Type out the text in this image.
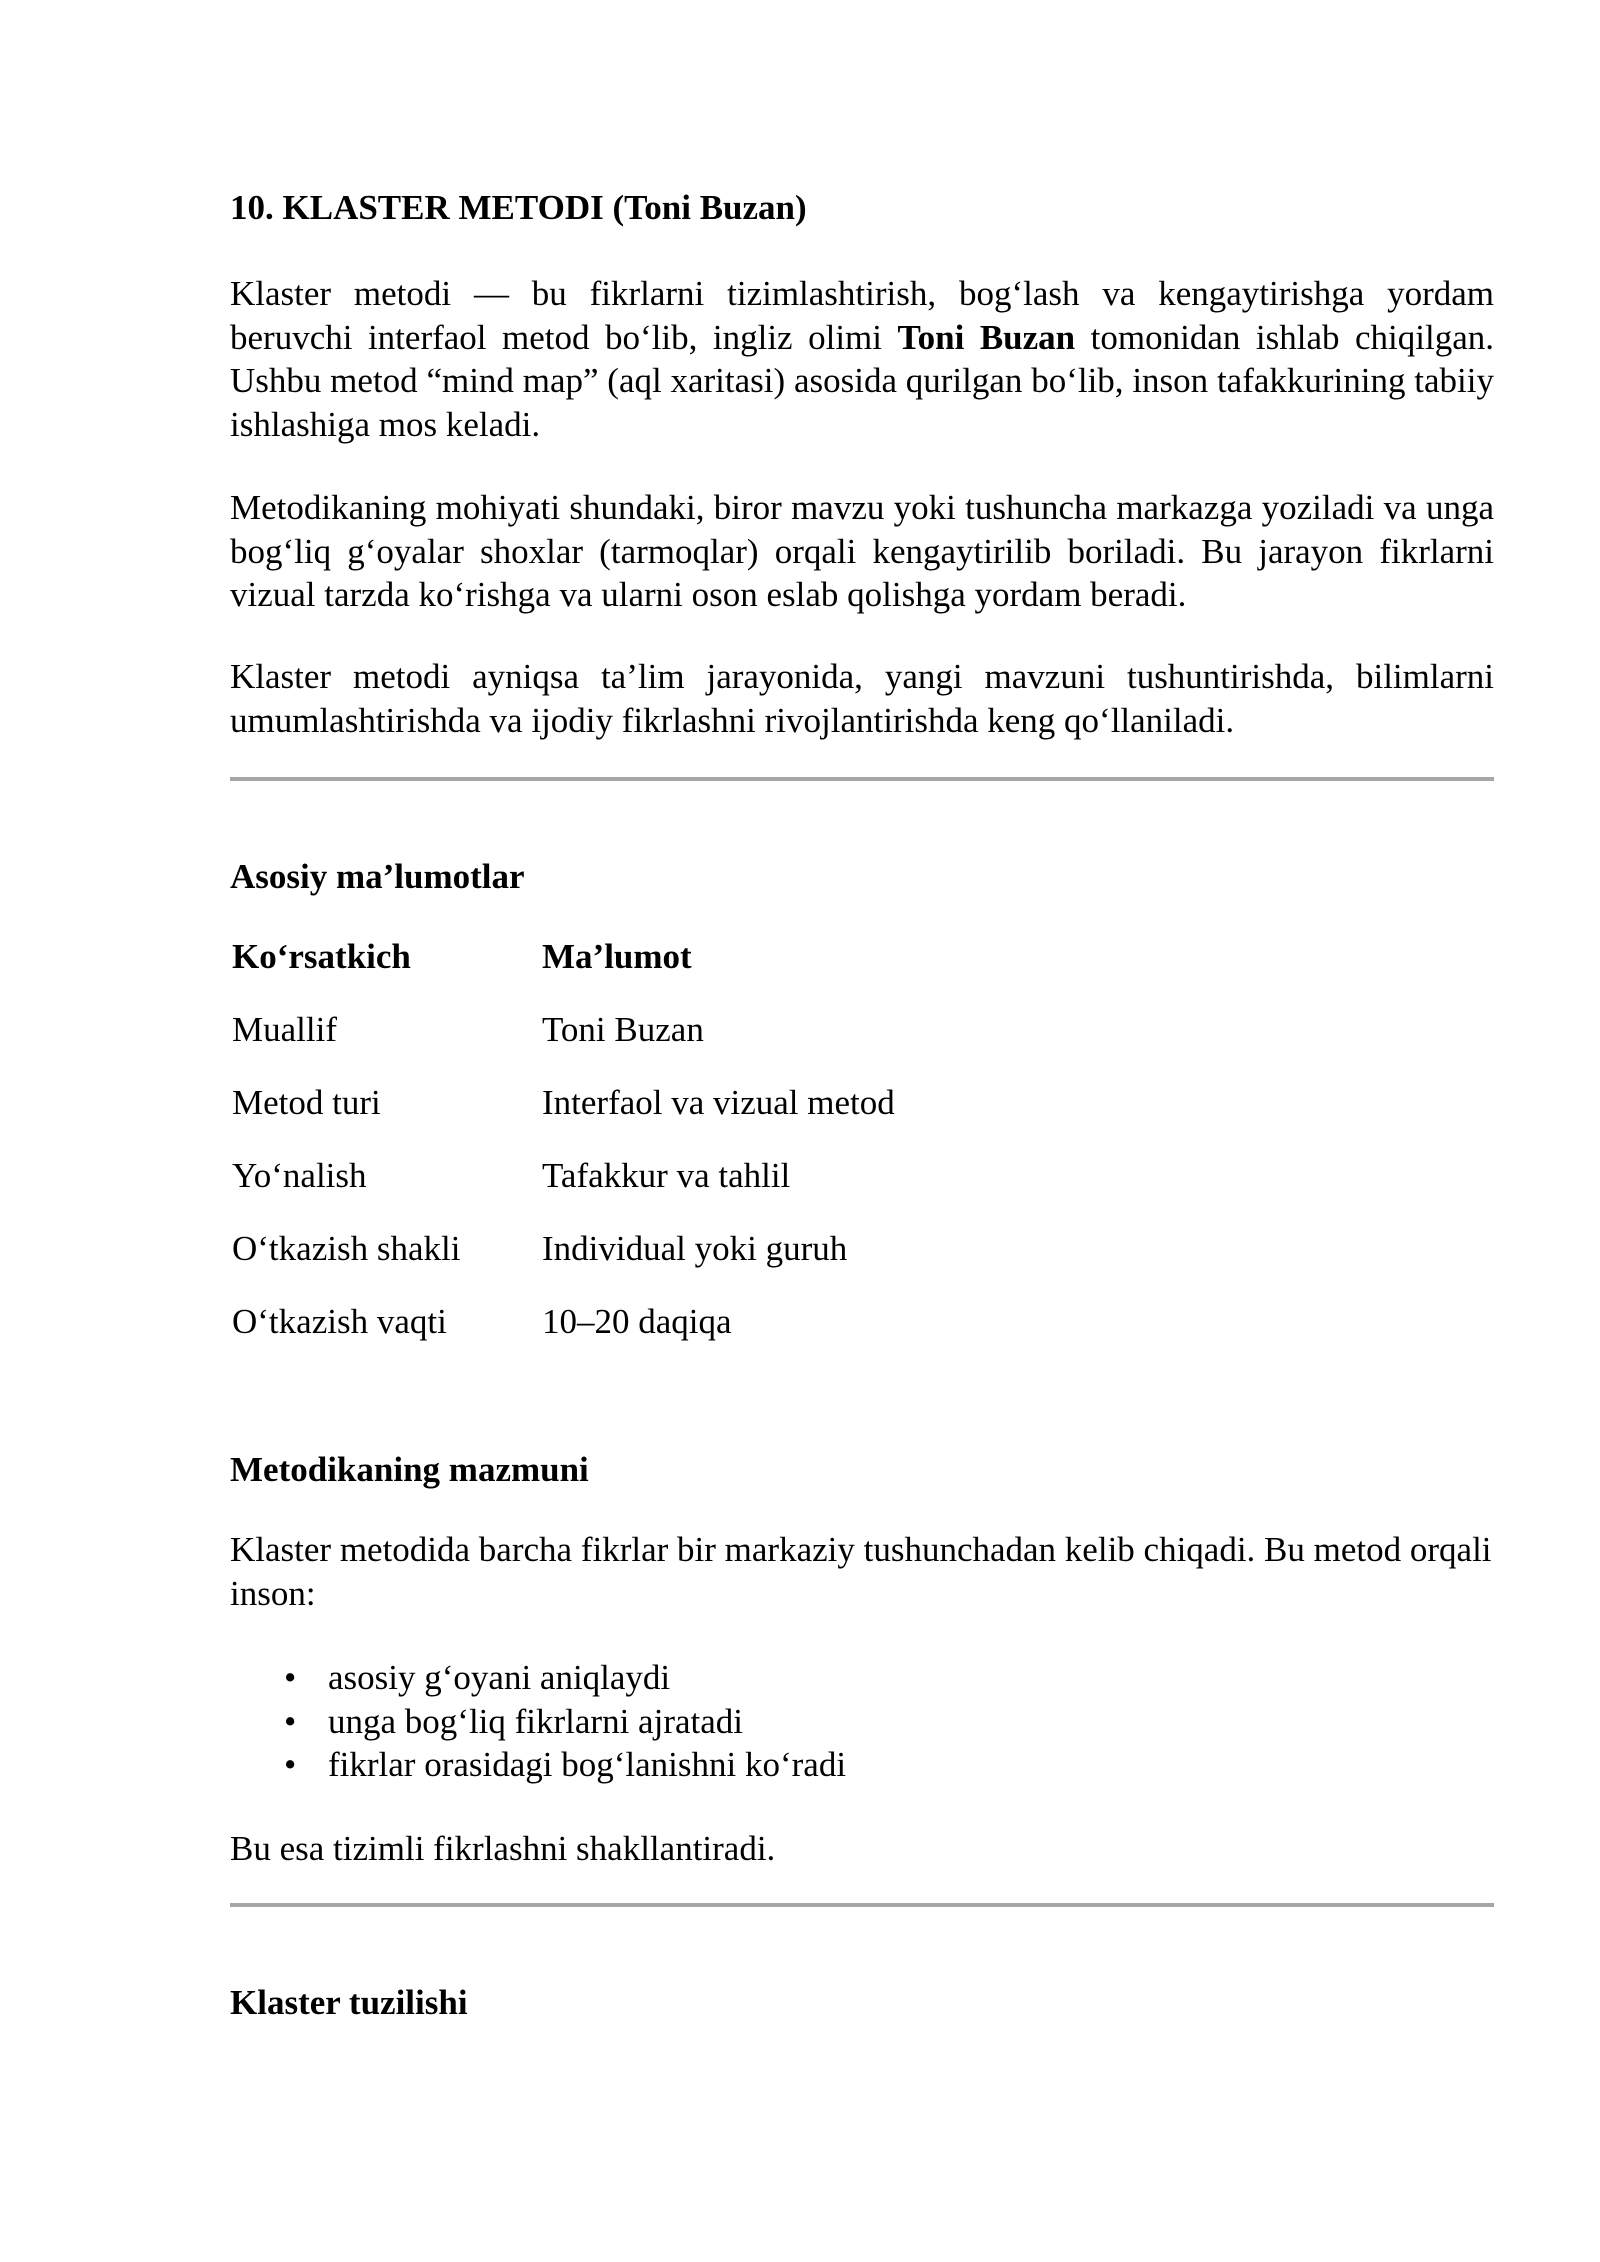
10. KLASTER METODI (Toni Buzan)

Klaster metodi — bu fikrlarni tizimlashtirish, bog‘lash va kengaytirishga yordam beruvchi interfaol metod bo‘lib, ingliz olimi Toni Buzan tomonidan ishlab chiqilgan. Ushbu metod “mind map” (aql xaritasi) asosida qurilgan bo‘lib, inson tafakkurining tabiiy ishlashiga mos keladi.

Metodikaning mohiyati shundaki, biror mavzu yoki tushuncha markazga yoziladi va unga bog‘liq g‘oyalar shoxlar (tarmoqlar) orqali kengaytirilib boriladi. Bu jarayon fikrlarni vizual tarzda ko‘rishga va ularni oson eslab qolishga yordam beradi.

Klaster metodi ayniqsa ta’lim jarayonida, yangi mavzuni tushuntirishda, bilimlarni umumlashtirishda va ijodiy fikrlashni rivojlantirishda keng qo‘llaniladi.

Asosiy ma’lumotlar
Ko‘rsatkich	Ma’lumot
Muallif	Toni Buzan
Metod turi	Interfaol va vizual metod
Yo‘nalish	Tafakkur va tahlil
O‘tkazish shakli	Individual yoki guruh
O‘tkazish vaqti	10–20 daqiqa
Metodikaning mazmuni

Klaster metodida barcha fikrlar bir markaziy tushunchadan kelib chiqadi. Bu metod orqali inson:

• asosiy g‘oyani aniqlaydi
• unga bog‘liq fikrlarni ajratadi
• fikrlar orasidagi bog‘lanishni ko‘radi

Bu esa tizimli fikrlashni shakllantiradi.

Klaster tuzilishi
